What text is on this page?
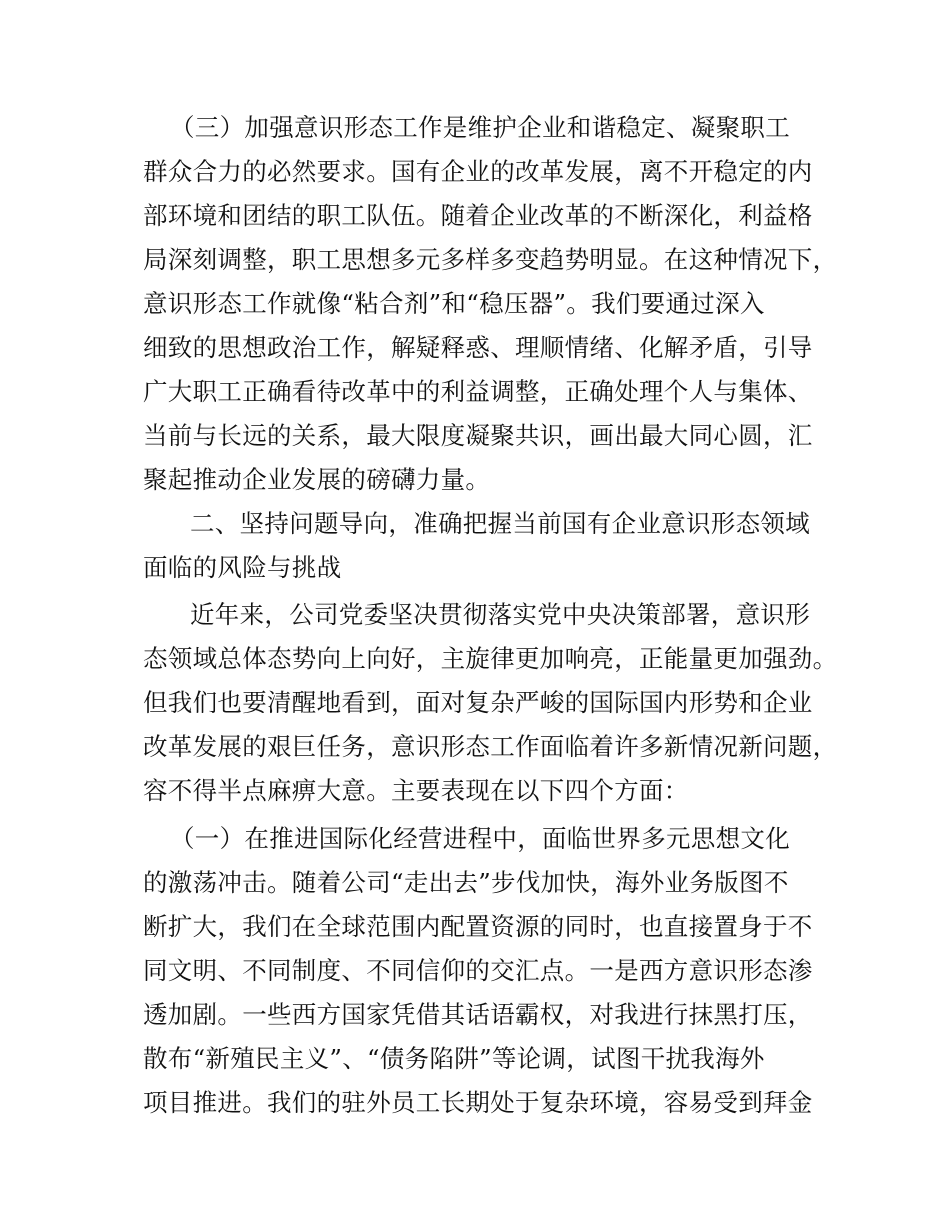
（三）加强意识形态工作是维护企业和谐稳定、凝聚职工
群众合力的必然要求。国有企业的改革发展，离不开稳定的内
部环境和团结的职工队伍。随着企业改革的不断深化，利益格
局深刻调整，职工思想多元多样多变趋势明显。在这种情况下，
意识形态工作就像“粘合剂”和“稳压器”。我们要通过深入
细致的思想政治工作，解疑释惑、理顺情绪、化解矛盾，引导
广大职工正确看待改革中的利益调整，正确处理个人与集体、
当前与长远的关系，最大限度凝聚共识，画出最大同心圆，汇
聚起推动企业发展的磅礴力量。
二、坚持问题导向，准确把握当前国有企业意识形态领域
面临的风险与挑战
近年来，公司党委坚决贯彻落实党中央决策部署，意识形
态领域总体态势向上向好，主旋律更加响亮，正能量更加强劲。
但我们也要清醒地看到，面对复杂严峻的国际国内形势和企业
改革发展的艰巨任务，意识形态工作面临着许多新情况新问题，
容不得半点麻痹大意。主要表现在以下四个方面：
（一）在推进国际化经营进程中，面临世界多元思想文化
的激荡冲击。随着公司“走出去”步伐加快，海外业务版图不
断扩大，我们在全球范围内配置资源的同时，也直接置身于不
同文明、不同制度、不同信仰的交汇点。一是西方意识形态渗
透加剧。一些西方国家凭借其话语霸权，对我进行抹黑打压，
散布“新殖民主义”、“债务陷阱”等论调，试图干扰我海外
项目推进。我们的驻外员工长期处于复杂环境，容易受到拜金
